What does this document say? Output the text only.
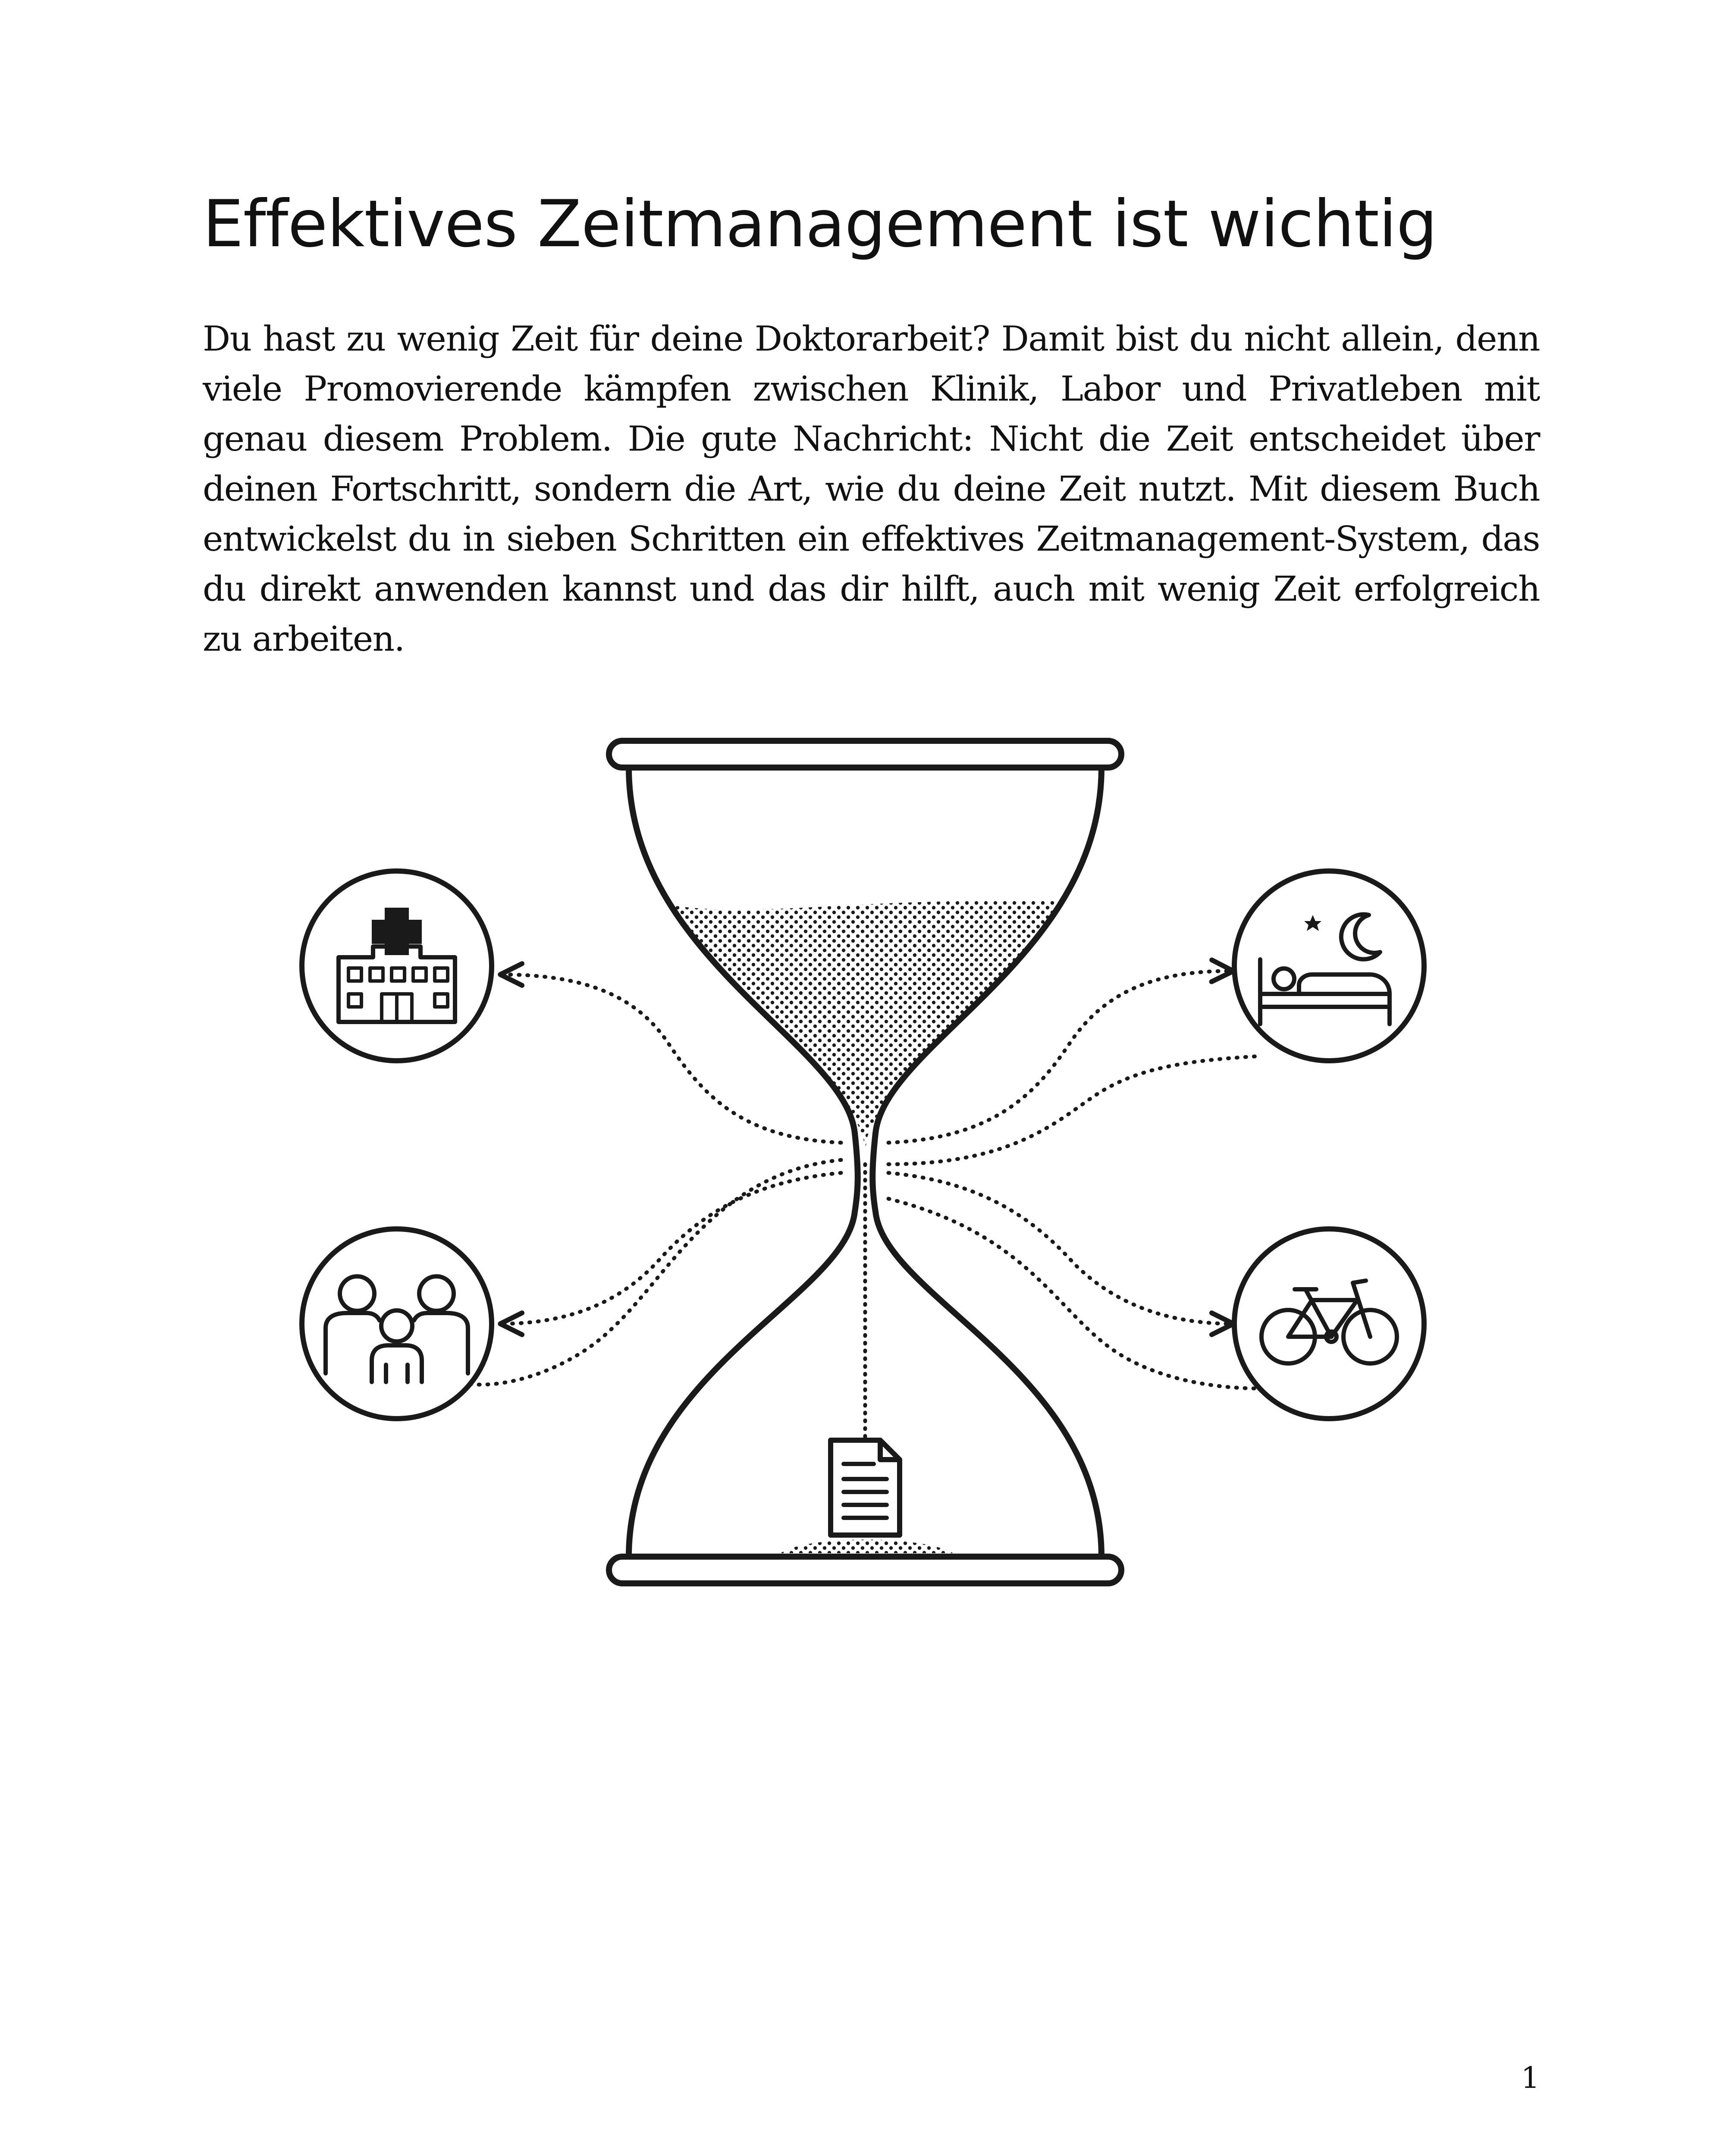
Effektives Zeitmanagement ist wichtig

Du hast zu wenig Zeit für deine Doktorarbeit? Damit bist du nicht allein, denn viele Promovierende kämpfen zwischen Klinik, Labor und Privatleben mit genau diesem Problem. Die gute Nachricht: Nicht die Zeit entscheidet über deinen Fortschritt, sondern die Art, wie du deine Zeit nutzt. Mit diesem Buch entwickelst du in sieben Schritten ein effektives Zeitmanagement-System, das du direkt anwenden kannst und das dir hilft, auch mit wenig Zeit erfolgreich zu arbeiten.

1
